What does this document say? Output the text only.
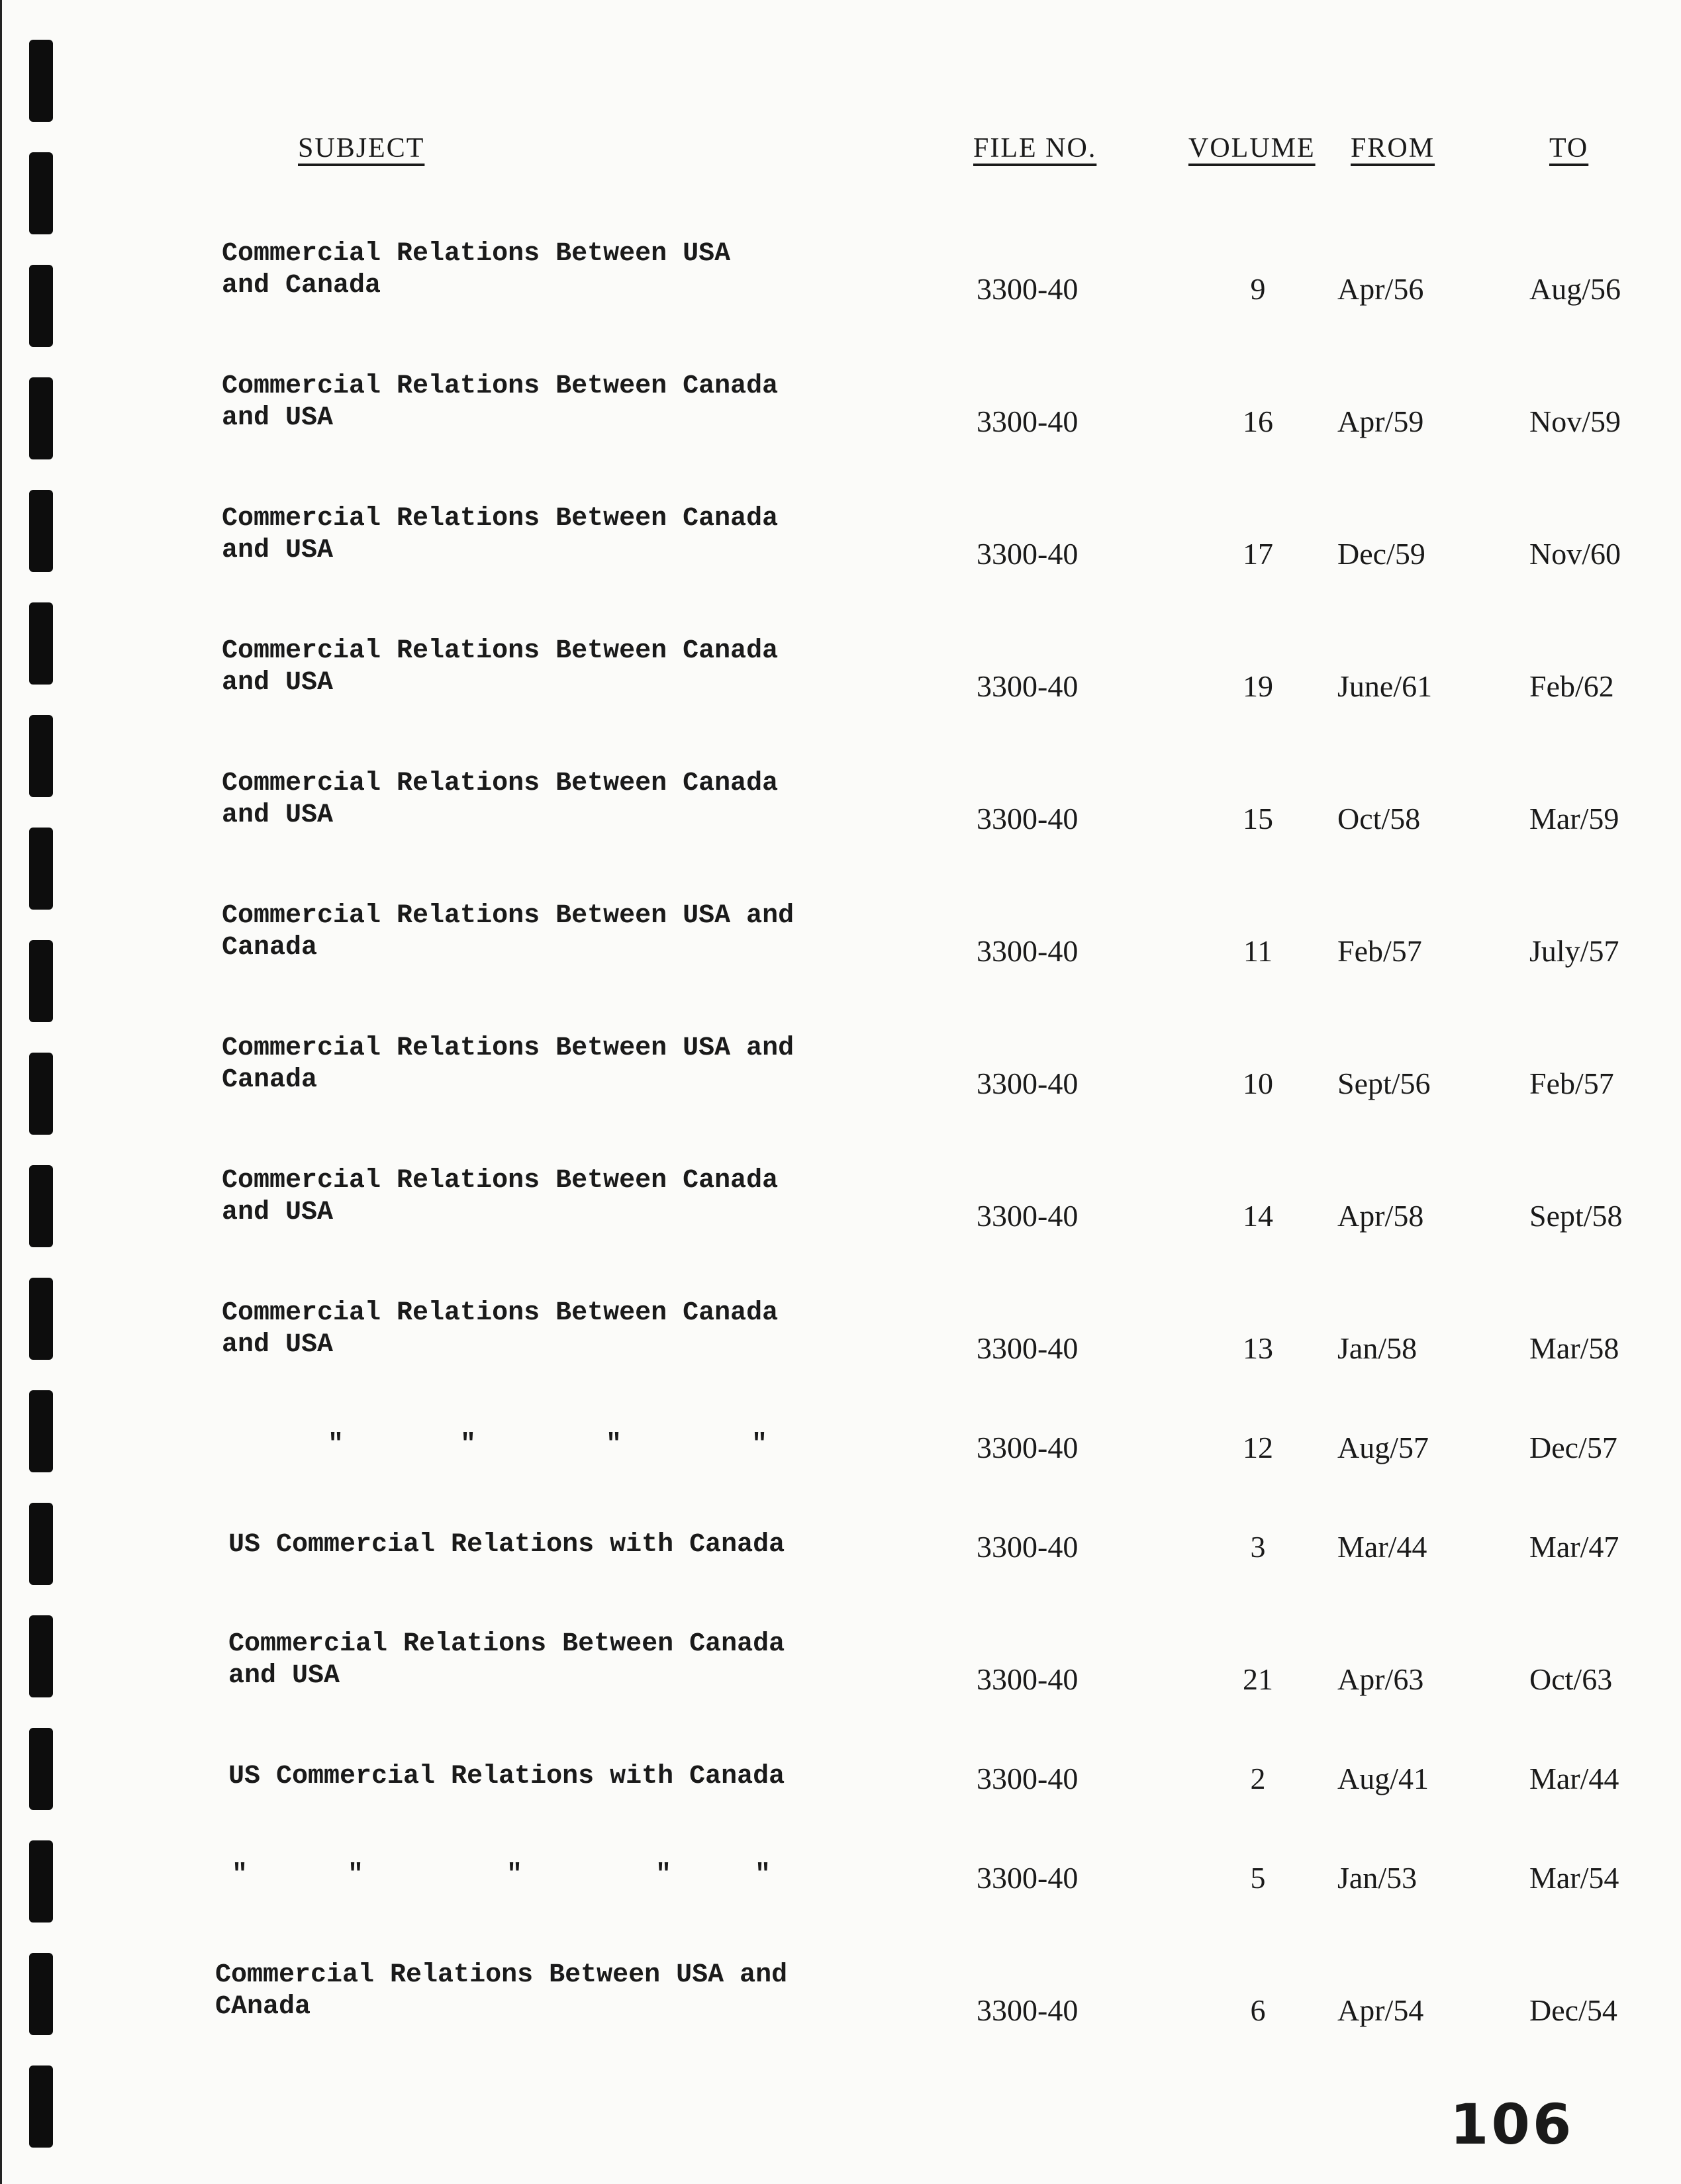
SUBJECT	FILE NO.	VOLUME FROM	TO
Commercial Relations Between USA
and Canada	3300-40	9	Apr/56	Aug/56
Commercial Relations Between Canada
and USA	3300-40	16	Apr/59	Nov/59
Commercial Relations Between Canada
and USA	3300-40	17	Dec/59	Nov/60
Commercial Relations Between Canada
and USA	3300-40	19	June/61	Feb/62
Commercial Relations Between Canada
and USA	3300-40	15	Oct/58	Mar/59
Commercial Relations Between USA and
Canada	3300-40	11	Feb/57	July/57
Commercial Relations Between USA and
Canada	3300-40	10	Sept/56	Feb/57
Commercial Relations Between Canada
and USA	3300-40	14	Apr/58	Sept/58
Commercial Relations Between Canada
and USA	3300-40	13	Jan/58	Mar/58
"	"	"	"	3300-40	12	Aug/57	Dec/57
US Commercial Relations with Canada	3300-40	3	Mar/44	Mar/47
Commercial Relations Between Canada
and USA	3300-40	21	Apr/63	Oct/63
US Commercial Relations with Canada	3300-40	2	Aug/41	Mar/44
"	"	"	"	"	3300-40	5	Jan/53	Mar/54
Commercial Relations Between USA and
CAnada	3300-40	6	Apr/54	Dec/54
106
